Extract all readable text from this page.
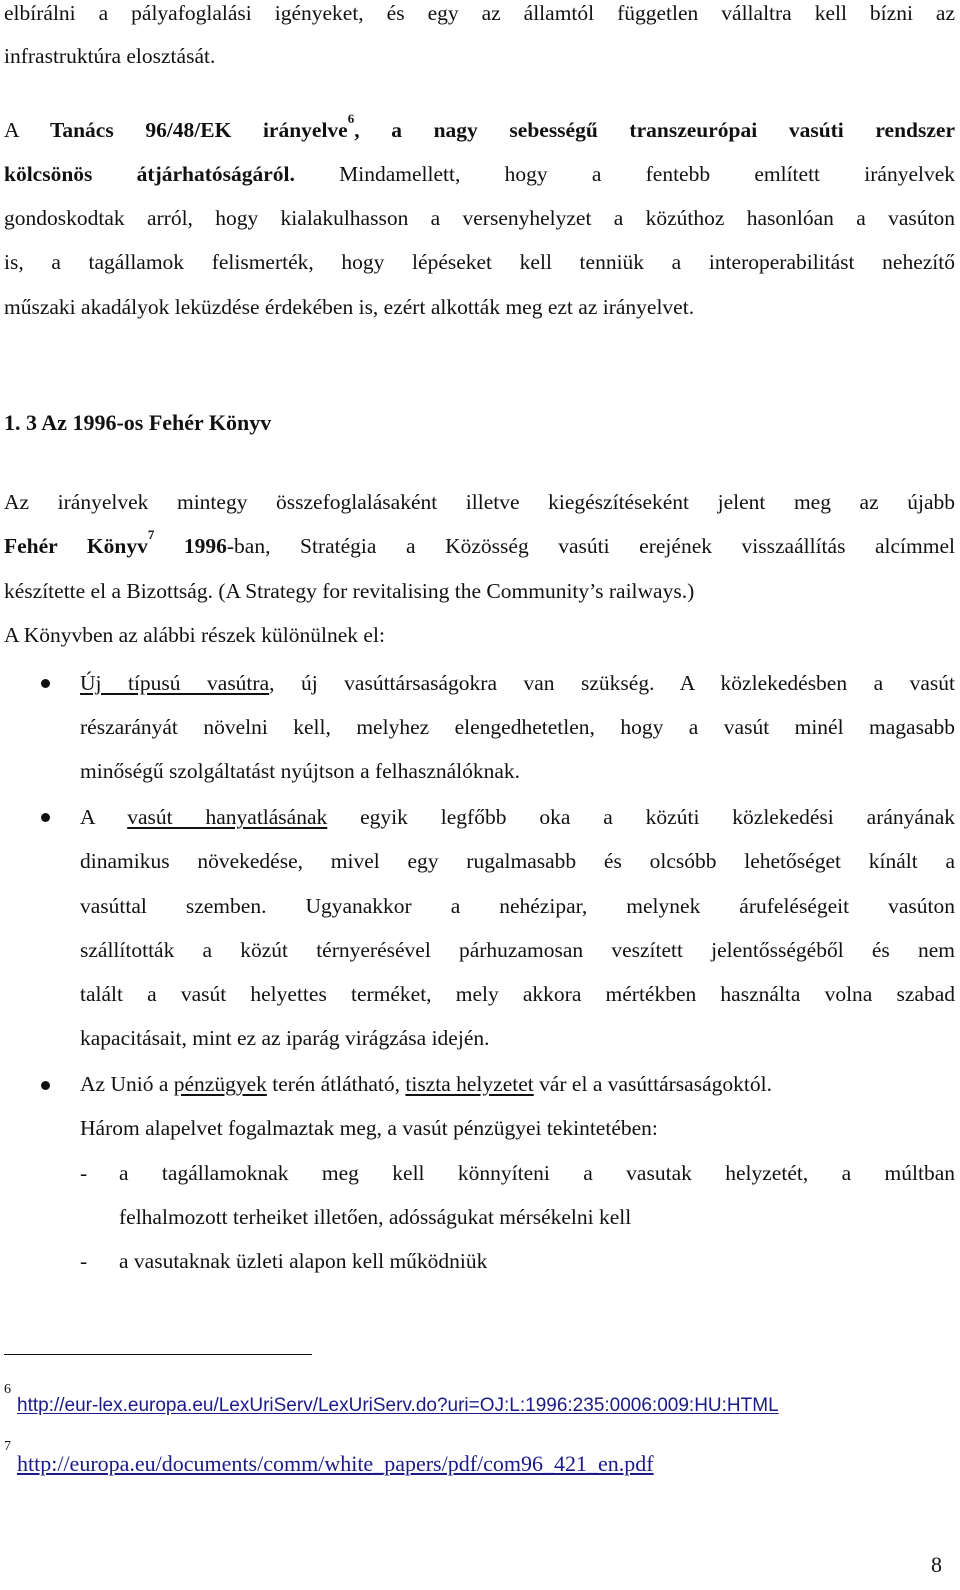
elbírálni a pályafoglalási igényeket, és egy az államtól független vállaltra kell bízni az
infrastruktúra elosztását.
A Tanács 96/48/EK irányelve$^6$, a nagy sebességű transzeurópai vasúti rendszer
kölcsönös átjárhatóságáról. Mindamellett, hogy a fentebb említett irányelvek
gondoskodtak arról, hogy kialakulhasson a versenyhelyzet a közúthoz hasonlóan a vasúton
is, a tagállamok felismerték, hogy lépéseket kell tenniük a interoperabilitást nehezítő
műszaki akadályok leküzdése érdekében is, ezért alkották meg ezt az irányelvet.
1. 3 Az 1996-os Fehér Könyv
Az irányelvek mintegy összefoglalásaként illetve kiegészítéseként jelent meg az újabb
Fehér Könyv$^7$ 1996-ban, Stratégia a Közösség vasúti erejének visszaállítás alcímmel
készítette el a Bizottság. (A Strategy for revitalising the Community’s railways.)
A Könyvben az alábbi részek különülnek el:
Új típusú vasútra, új vasúttársaságokra van szükség. A közlekedésben a vasút
részarányát növelni kell, melyhez elengedhetetlen, hogy a vasút minél magasabb
minőségű szolgáltatást nyújtson a felhasználóknak.
A vasút hanyatlásának egyik legfőbb oka a közúti közlekedési arányának
dinamikus növekedése, mivel egy rugalmasabb és olcsóbb lehetőséget kínált a
vasúttal szemben. Ugyanakkor a nehézipar, melynek árufeléségeit vasúton
szállították a közút térnyerésével párhuzamosan veszített jelentősségéből és nem
talált a vasút helyettes terméket, mely akkora mértékben használta volna szabad
kapacitásait, mint ez az iparág virágzása idején.
Az Unió a pénzügyek terén átlátható, tiszta helyzetet vár el a vasúttársaságoktól.
Három alapelvet fogalmaztak meg, a vasút pénzügyei tekintetében:
- a tagállamoknak meg kell könnyíteni a vasutak helyzetét, a múltban
felhalmozott terheiket illetően, adósságukat mérsékelni kell
- a vasutaknak üzleti alapon kell működniük
6
http://eur-lex.europa.eu/LexUriServ/LexUriServ.do?uri=OJ:L:1996:235:0006:009:HU:HTML
7
http://europa.eu/documents/comm/white_papers/pdf/com96_421_en.pdf
8
